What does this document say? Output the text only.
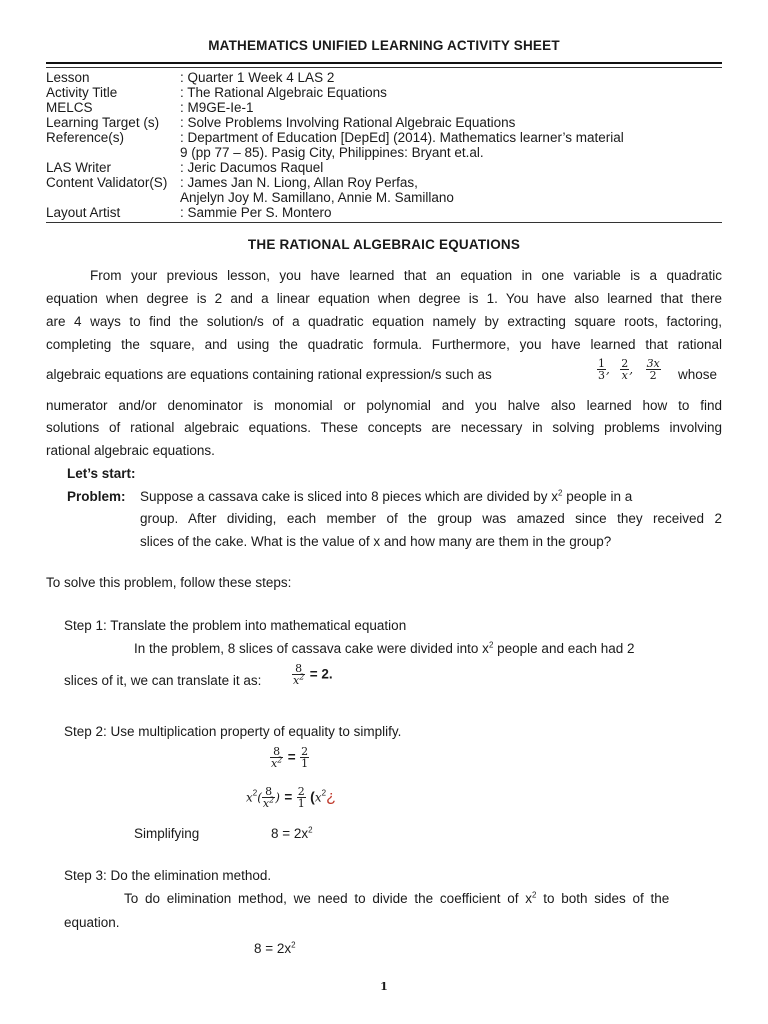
MATHEMATICS UNIFIED LEARNING ACTIVITY SHEET
Lesson	: Quarter 1 Week 4 LAS 2
Activity Title	: The Rational Algebraic Equations
MELCS	: M9GE-Ie-1
Learning Target (s) : Solve Problems Involving Rational Algebraic Equations
Reference(s)	: Department of Education [DepEd] (2014). Mathematics learner’s material
9 (pp 77 – 85). Pasig City, Philippines: Bryant et.al.
LAS Writer	: Jeric Dacumos Raquel
Content Validator(S) : James Jan N. Liong, Allan Roy Perfas,
Anjelyn Joy M. Samillano, Annie M. Samillano
Layout Artist	: Sammie Per S. Montero
THE RATIONAL ALGEBRAIC EQUATIONS
From your previous lesson, you have learned that an equation in one variable is a quadratic
equation when degree is 2 and a linear equation when degree is 1. You have also learned that there
are 4 ways to find the solution/s of a quadratic equation namely by extracting square roots, factoring,
completing the square, and using the quadratic formula. Furthermore, you have learned that rational
algebraic equations are equations containing rational expression/s such as	$\frac{1}{3}$ , $\frac{2}{x}$ , $\frac{3x}{2}$ whose
numerator and/or denominator is monomial or polynomial and you halve also learned how to find
solutions of rational algebraic equations. These concepts are necessary in solving problems involving
rational algebraic equations.
Let’s start:
Problem: Suppose a cassava cake is sliced into 8 pieces which are divided by $x^2$ people in a
group. After dividing, each member of the group was amazed since they received 2
slices of the cake. What is the value of x and how many are them in the group?
To solve this problem, follow these steps:
Step 1: Translate the problem into mathematical equation
In the problem, 8 slices of cassava cake were divided into $x^2$ people and each had 2
slices of it, we can translate it as:	$\frac{8}{x^2} = 2$.
Step 2: Use multiplication property of equality to simplify.
$\frac{8}{x^2} = \frac{2}{1}$
$x^2( \frac{8}{x^2}$ ) = $\frac{2}{1}$ ($x^2¿$
Simplifying	$8 = 2x^2$
Step 3: Do the elimination method.
To do elimination method, we need to divide the coefficient of $x^2$ to both sides of the
equation.
$8 = 2x^2$
1
